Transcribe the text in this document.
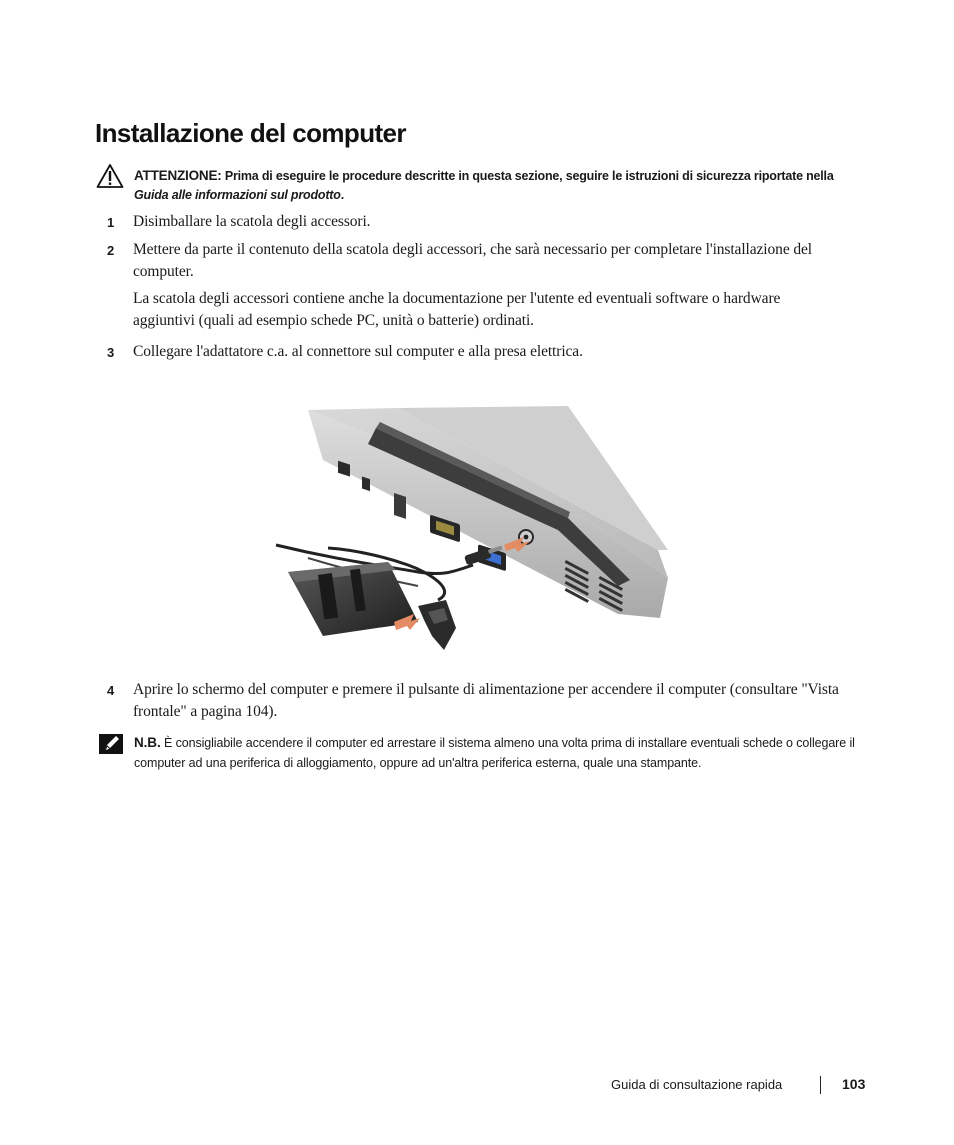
Installazione del computer
ATTENZIONE: Prima di eseguire le procedure descritte in questa sezione, seguire le istruzioni di sicurezza riportate nella Guida alle informazioni sul prodotto.
1 Disimballare la scatola degli accessori.
2 Mettere da parte il contenuto della scatola degli accessori, che sarà necessario per completare l'installazione del computer.
La scatola degli accessori contiene anche la documentazione per l'utente ed eventuali software o hardware aggiuntivi (quali ad esempio schede PC, unità o batterie) ordinati.
3 Collegare l'adattatore c.a. al connettore sul computer e alla presa elettrica.
4 Aprire lo schermo del computer e premere il pulsante di alimentazione per accendere il computer (consultare "Vista frontale" a pagina 104).
N.B. È consigliabile accendere il computer ed arrestare il sistema almeno una volta prima di installare eventuali schede o collegare il computer ad una periferica di alloggiamento, oppure ad un'altra periferica esterna, quale una stampante.
Guida di consultazione rapida	103
